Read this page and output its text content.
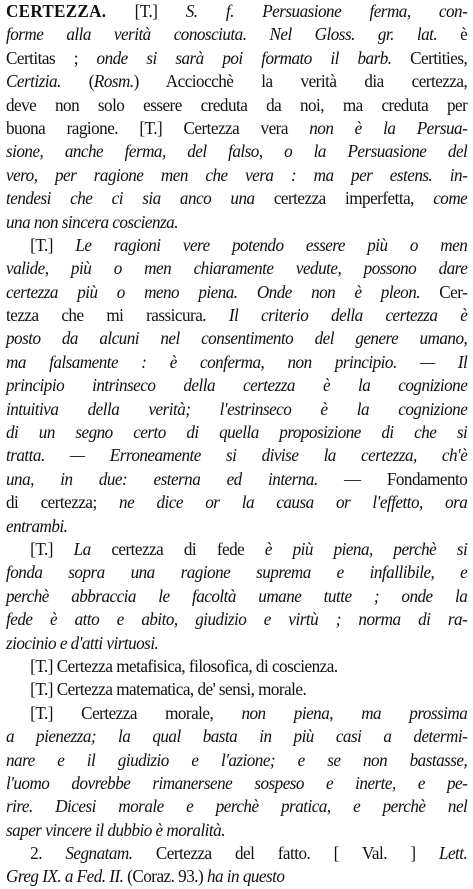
CERTEZZA. [T.] S. f. Persuasione ferma, con-
forme alla verità conosciuta. Nel Gloss. gr. lat. è
Certitas ; onde si sarà poi formato il barb. Certities,
Certizia. (Rosm.) Acciocchè la verità dia certezza,
deve non solo essere creduta da noi, ma creduta per
buona ragione. [T.] Certezza vera non è la Persua-
sione, anche ferma, del falso, o la Persuasione del
vero, per ragione men che vera : ma per estens. in-
tendesi che ci sia anco una certezza imperfetta, come
una non sincera coscienza.
[T.] Le ragioni vere potendo essere più o men
valide, più o men chiaramente vedute, possono dare
certezza più o meno piena. Onde non è pleon. Cer-
tezza che mi rassicura. Il criterio della certezza è
posto da alcuni nel consentimento del genere umano,
ma falsamente : è conferma, non principio. — Il
principio intrinseco della certezza è la cognizione
intuitiva della verità; l'estrinseco è la cognizione
di un segno certo di quella proposizione di che si
tratta. — Erroneamente si divise la certezza, ch'è
una, in due: esterna ed interna. — Fondamento
di certezza; ne dice or la causa or l'effetto, ora
entrambi.
[T.] La certezza di fede è più piena, perchè si
fonda sopra una ragione suprema e infallibile, e
perchè abbraccia le facoltà umane tutte ; onde la
fede è atto e abito, giudizio e virtù ; norma di ra-
ziocinio e d'atti virtuosi.
[T.] Certezza metafisica, filosofica, di coscienza.
[T.] Certezza matematica, de' sensi, morale.
[T.] Certezza morale, non piena, ma prossima
a pienezza; la qual basta in più casi a determi-
nare e il giudizio e l'azione; e se non bastasse,
l'uomo dovrebbe rimanersene sospeso e inerte, e pe-
rire. Dicesi morale e perchè pratica, e perchè nel
saper vincere il dubbio è moralità.
2. Segnatam. Certezza del fatto. [ Val. ] Lett.
Greg IX. a Fed. II. (Coraz. 93.) ha in questo
